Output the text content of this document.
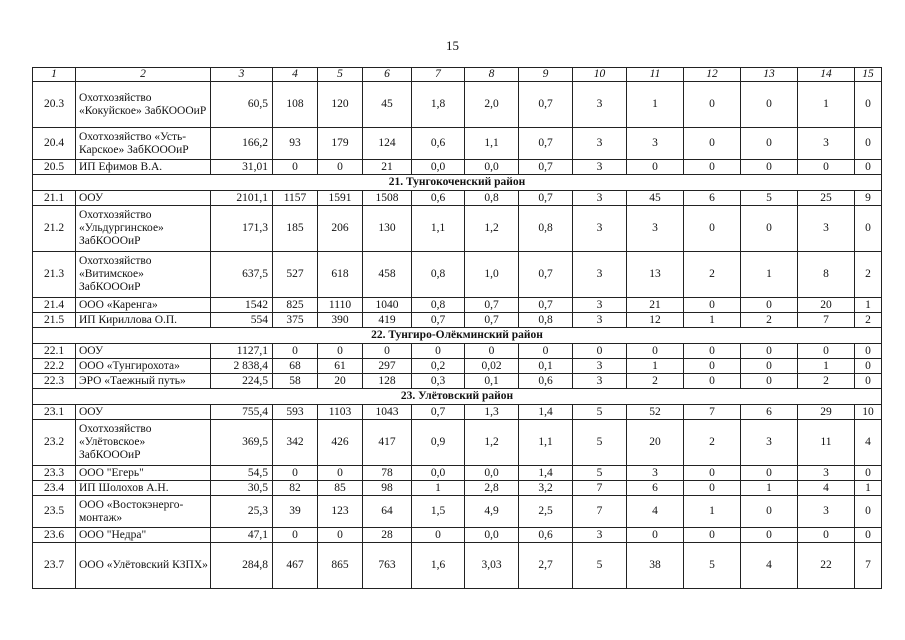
15
1	2	3	4	5	6	7	8	9	10	11	12	13	14	15
20.3	Охотхозяйство «Кокуйское» ЗабКОООиР	60,5	108	120	45	1,8	2,0	0,7	3	1	0	0	1	0
20.4	Охотхозяйство «Усть-Карское» ЗабКОООиР	166,2	93	179	124	0,6	1,1	0,7	3	3	0	0	3	0
20.5	ИП Ефимов В.А.	31,01	0	0	21	0,0	0,0	0,7	3	0	0	0	0	0
21. Тунгокоченский район														
21.1	ООУ	2101,1	1157	1591	1508	0,6	0,8	0,7	3	45	6	5	25	9
21.2	Охотхозяйство «Ульдургинское» ЗабКОООиР	171,3	185	206	130	1,1	1,2	0,8	3	3	0	0	3	0
21.3	Охотхозяйство «Витимское» ЗабКОООиР	637,5	527	618	458	0,8	1,0	0,7	3	13	2	1	8	2
21.4	ООО «Каренга»	1542	825	1110	1040	0,8	0,7	0,7	3	21	0	0	20	1
21.5	ИП Кириллова О.П.	554	375	390	419	0,7	0,7	0,8	3	12	1	2	7	2
22. Тунгиро-Олёкминский район														
22.1	ООУ	1127,1	0	0	0	0	0	0	0	0	0	0	0	0
22.2	ООО «Тунгирохота»	2 838,4	68	61	297	0,2	0,02	0,1	3	1	0	0	1	0
22.3	ЭРО «Таежный путь»	224,5	58	20	128	0,3	0,1	0,6	3	2	0	0	2	0
23. Улётовский район														
23.1	ООУ	755,4	593	1103	1043	0,7	1,3	1,4	5	52	7	6	29	10
23.2	Охотхозяйство «Улётовское» ЗабКОООиР	369,5	342	426	417	0,9	1,2	1,1	5	20	2	3	11	4
23.3	ООО "Егерь"	54,5	0	0	78	0,0	0,0	1,4	5	3	0	0	3	0
23.4	ИП Шолохов А.Н.	30,5	82	85	98	1	2,8	3,2	7	6	0	1	4	1
23.5	ООО «Востокэнерго-монтаж»	25,3	39	123	64	1,5	4,9	2,5	7	4	1	0	3	0
23.6	ООО "Недра"	47,1	0	0	28	0	0,0	0,6	3	0	0	0	0	0
23.7	ООО «Улётовский КЗПХ»	284,8	467	865	763	1,6	3,03	2,7	5	38	5	4	22	7
